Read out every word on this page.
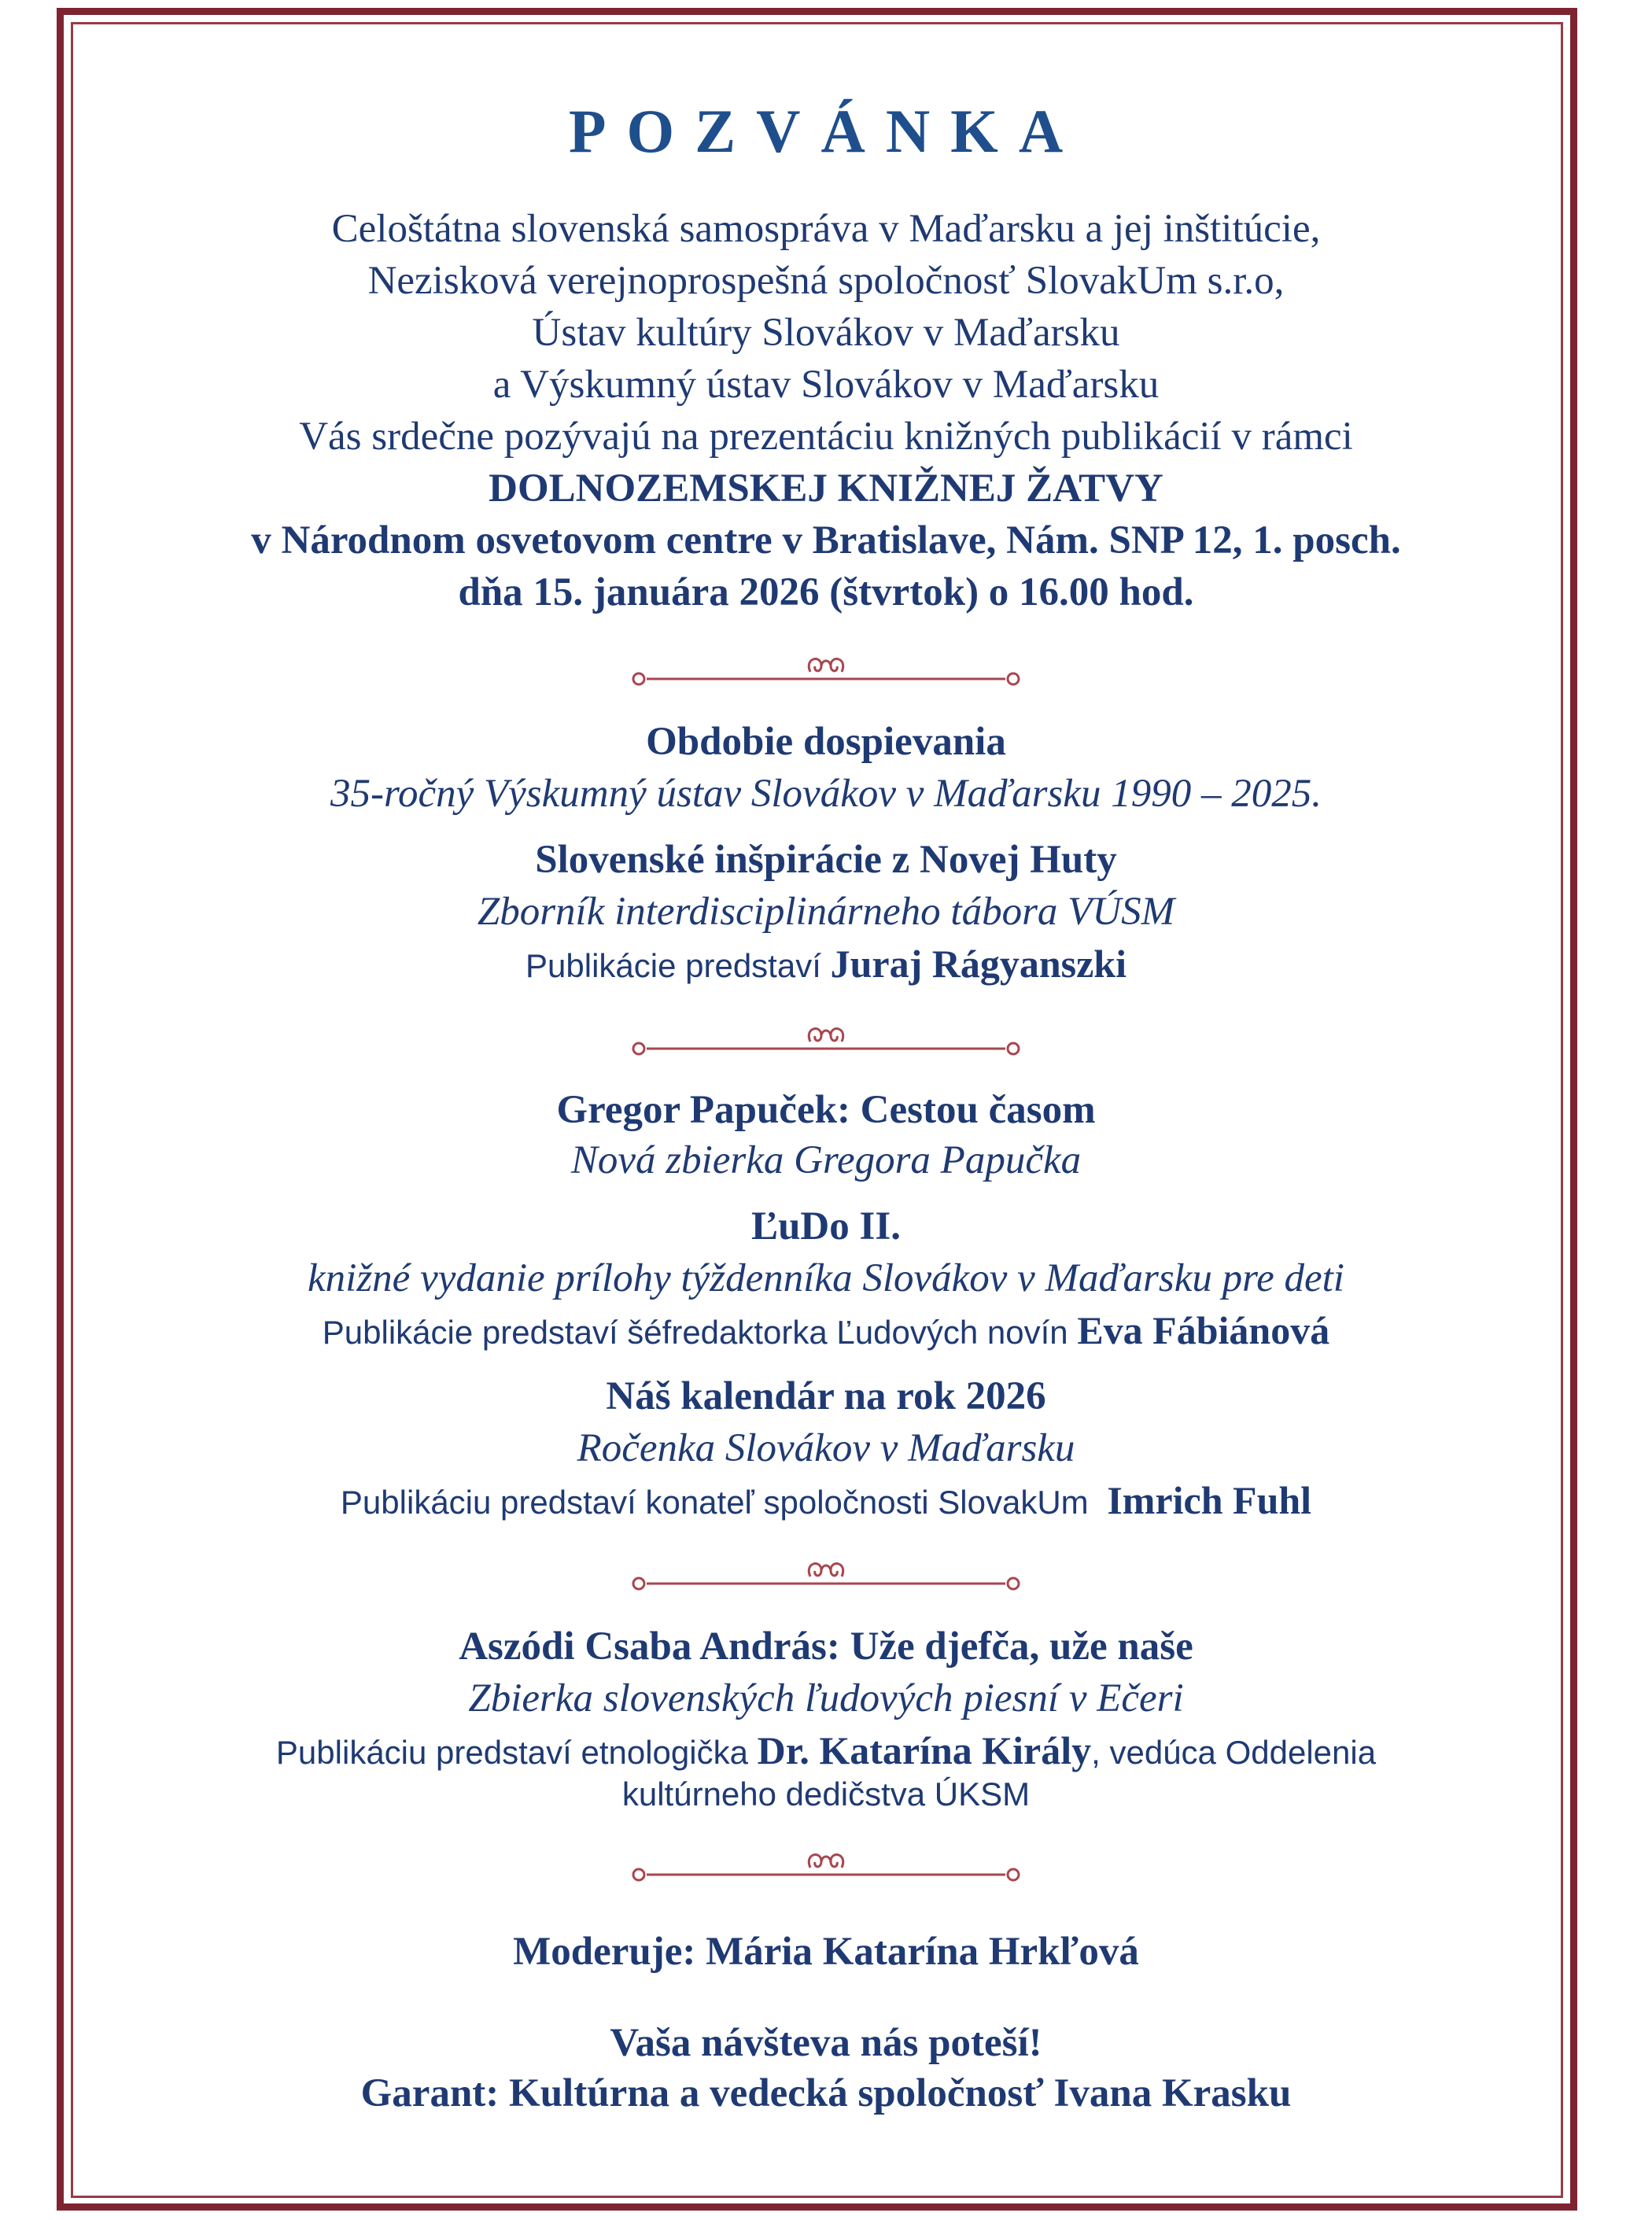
POZVÁNKA
Celoštátna slovenská samospráva v Maďarsku a jej inštitúcie,
Nezisková verejnoprospešná spoločnosť SlovakUm s.r.o,
Ústav kultúry Slovákov v Maďarsku
a Výskumný ústav Slovákov v Maďarsku
Vás srdečne pozývajú na prezentáciu knižných publikácií v rámci
DOLNOZEMSKEJ KNIŽNEJ ŽATVY
v Národnom osvetovom centre v Bratislave, Nám. SNP 12, 1. posch.
dňa 15. januára 2026 (štvrtok) o 16.00 hod.
Obdobie dospievania
35-ročný Výskumný ústav Slovákov v Maďarsku 1990 – 2025.
Slovenské inšpirácie z Novej Huty
Zborník interdisciplinárneho tábora VÚSM
Publikácie predstaví Juraj Rágyanszki
Gregor Papuček: Cestou časom
Nová zbierka Gregora Papučka
ĽuDo II.
knižné vydanie prílohy týždenníka Slovákov v Maďarsku pre deti
Publikácie predstaví šéfredaktorka Ľudových novín Eva Fábiánová
Náš kalendár na rok 2026
Ročenka Slovákov v Maďarsku
Publikáciu predstaví konateľ spoločnosti SlovakUm Imrich Fuhl
Aszódi Csaba András: Uže djefča, uže naše
Zbierka slovenských ľudových piesní v Ečeri
Publikáciu predstaví etnologička Dr. Katarína Király, vedúca Oddelenia
kultúrneho dedičstva ÚKSM
Moderuje: Mária Katarína Hrkľová
Vaša návšteva nás poteší!
Garant: Kultúrna a vedecká spoločnosť Ivana Krasku
